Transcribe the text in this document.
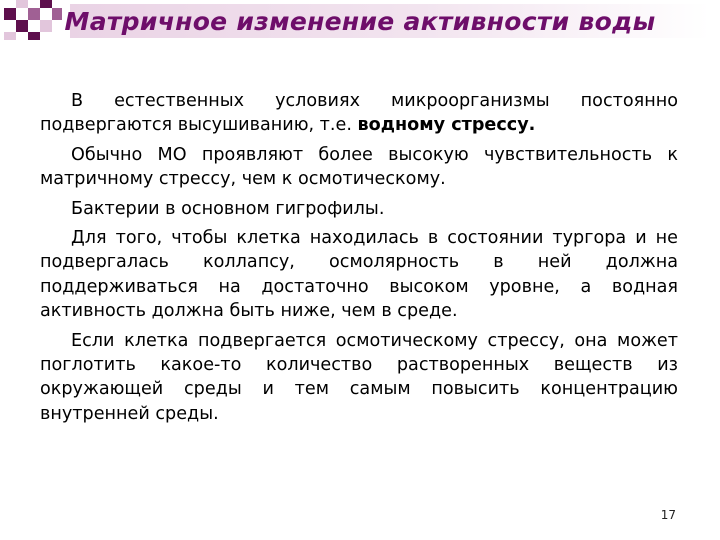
Матричное изменение активности воды

В естественных условиях микроорганизмы постоянно подвергаются высушиванию, т.е. водному стрессу.

Обычно МО проявляют более высокую чувствительность к матричному стрессу, чем к осмотическому.

Бактерии в основном гигрофилы.

Для того, чтобы клетка находилась в состоянии тургора и не подвергалась коллапсу, осмолярность в ней должна поддерживаться на достаточно высоком уровне, а водная активность должна быть ниже, чем в среде.

Если клетка подвергается осмотическому стрессу, она может поглотить какое-то количество растворенных веществ из окружающей среды и тем самым повысить концентрацию внутренней среды.

17
